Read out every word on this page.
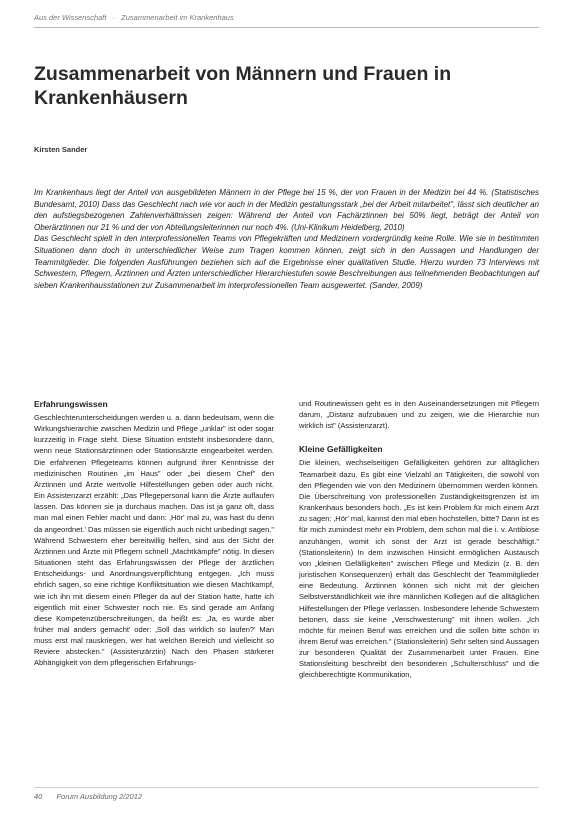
Aus der Wissenschaft · Zusammenarbeit im Krankenhaus
Zusammenarbeit von Männern und Frauen in Krankenhäusern
Kirsten Sander

Im Krankenhaus liegt der Anteil von ausgebildeten Männern in der Pflege bei 15 %, der von Frauen in der Medizin bei 44 %. (Statistisches Bundesamt, 2010) Dass das Geschlecht nach wie vor auch in der Medizin gestaltungsstark „bei der Arbeit mitarbeitet", lässt sich deutlicher an den aufstiegsbezogenen Zahlenverhältnissen zeigen: Während der Anteil von Fachärztinnen bei 50% liegt, beträgt der Anteil von Oberärztinnen nur 21 % und der von Abteilungsleiterinnen nur noch 4%. (Uni-Klinikum Heidelberg, 2010)

Das Geschlecht spielt in den interprofessionellen Teams von Pflegekräften und Medizinern vordergründig keine Rolle. Wie sie in bestimmten Situationen dann doch in unterschiedlicher Weise zum Tragen kommen können, zeigt sich in den Aussagen und Handlungen der Teammitglieder. Die folgenden Ausführungen beziehen sich auf die Ergebnisse einer qualitativen Studie. Hierzu wurden 73 Interviews mit Schwestern, Pflegern, Ärztinnen und Ärzten unterschiedlicher Hierarchiestufen sowie Beschreibungen aus teilnehmenden Beobachtungen auf sieben Krankenhausstationen zur Zusammenarbeit im interprofessionellen Team ausgewertet. (Sander, 2009)

Erfahrungswissen

Geschlechterunterscheidungen werden u. a. dann bedeutsam, wenn die Wirkungshierarchie zwischen Medizin und Pflege „unklar" ist oder sogar kurzzeitig in Frage steht. Diese Situation entsteht insbesondere dann, wenn neue Stationsärztinnen oder Stationsärzte eingearbeitet werden. Die erfahrenen Pflegeteams können aufgrund ihrer Kenntnisse der medizinischen Routinen „im Haus" oder „bei diesem Chef" den Ärztinnen und Ärzte wertvolle Hilfestellungen geben oder auch nicht. Ein Assistenzarzt erzählt: „Das Pflegepersonal kann die Ärzte auflaufen lassen. Das können sie ja durchaus machen. Das ist ja ganz oft, dass man mal einen Fehler macht und dann: ‚Hör' mal zu, was hast du denn da angeordnet.' Das müssen sie eigentlich auch nicht unbedingt sagen." Während Schwestern eher bereitwillig helfen, sind aus der Sicht der Ärztinnen und Ärzte mit Pflegern schnell „Machtkämpfe" nötig. In diesen Situationen steht das Erfahrungswissen der Pflege der ärztlichen Entscheidungs- und Anordnungsverpflichtung entgegen. „Ich muss ehrlich sagen, so eine richtige Konfliktsituation wie diesen Machtkampf, wie ich ihn mit diesem einen Pfleger da auf der Station hatte, hatte ich eigentlich mit einer Schwester noch nie. Es sind gerade am Anfang diese Kompetenzüberschreitungen, da heißt es: ‚Ja, es wurde aber früher mal anders gemacht' oder: ‚Soll das wirklich so laufen?' Man muss erst mal rauskriegen, wer hat welchen Bereich und vielleicht so Reviere abstecken." (Assistenzärztin) Nach den Phasen stärkerer Abhängigkeit von dem pflegerischen Erfahrungs-

und Routinewissen geht es in den Auseinandersetzungen mit Pflegern darum, „Distanz aufzubauen und zu zeigen, wie die Hierarchie nun wirklich ist" (Assistenzarzt).

Kleine Gefälligkeiten

Die kleinen, wechselseitigen Gefälligkeiten gehören zur alltäglichen Teamarbeit dazu. Es gibt eine Vielzahl an Tätigkeiten, die sowohl von den Pflegenden wie von den Medizinern übernommen werden können. Die Überschreitung von professionellen Zuständigkeitsgrenzen ist im Krankenhaus besonders hoch. „Es ist kein Problem für mich einem Arzt zu sagen: ‚Hör' mal, kannst den mal eben hochstellen, bitte? Dann ist es für mich zumindest mehr ein Problem, dem schon mal die i. v. Antibiose anzuhängen, womit ich sonst der Arzt ist gerade beschäftigt." (Stationsleiterin) In dem inzwischen Hinsicht ermöglichen Austausch von „kleinen Gefälligkeiten" zwischen Pflege und Medizin (z. B. den juristischen Konsequenzen) erhält das Geschlecht der Teammitglieder eine Bedeutung. Ärztinnen können sich nicht mit der gleichen Selbstverständlichkeit wie ihre männlichen Kollegen auf die alltäglichen Hilfestellungen der Pflege verlassen. Insbesondere lehende Schwestern betonen, dass sie keine „Verschwesterung" mit ihnen wollen. „Ich möchte für meinen Beruf was erreichen und die sollen bitte schön in ihrem Beruf was erreichen." (Stationsleiterin) Sehr selten sind Aussagen zur besonderen Qualität der Zusammenarbeit unter Frauen. Eine Stationsleitung beschreibt den besonderen „Schulterschluss" und die gleichberechtigte Kommunikation,

40 Forum Ausbildung 2/2012
